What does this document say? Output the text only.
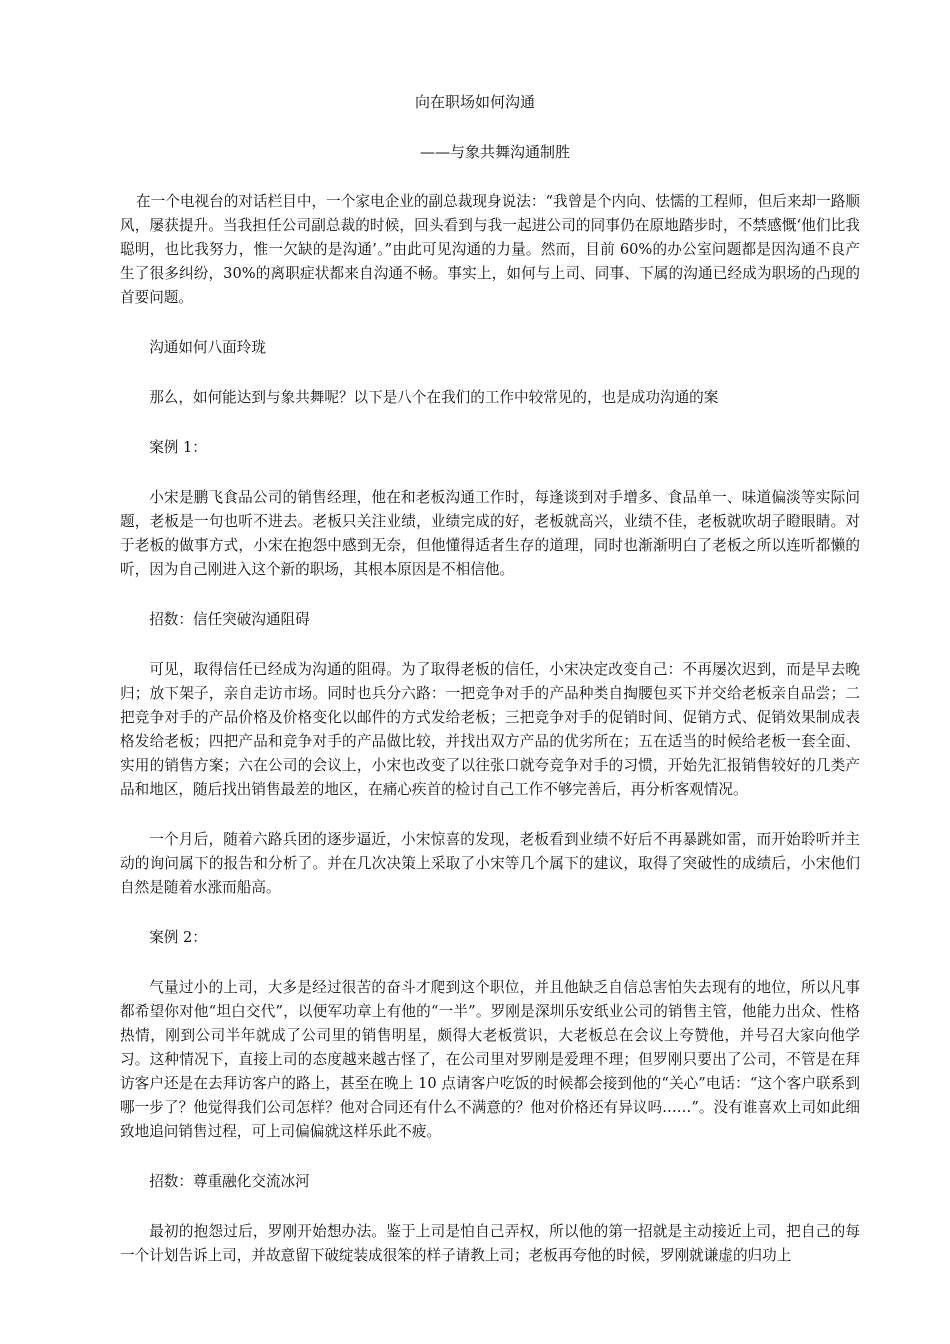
向在职场如何沟通
——与象共舞沟通制胜

在一个电视台的对话栏目中，一个家电企业的副总裁现身说法：“我曾是个内向、怯懦的工程师，但后来却一路顺风，屡获提升。当我担任公司副总裁的时候，回头看到与我一起进公司的同事仍在原地踏步时，不禁感慨‘他们比我聪明，也比我努力，惟一欠缺的是沟通’。”由此可见沟通的力量。然而，目前 60%的办公室问题都是因沟通不良产生了很多纠纷，30%的离职症状都来自沟通不畅。事实上，如何与上司、同事、下属的沟通已经成为职场的凸现的首要问题。

沟通如何八面玲珑

那么，如何能达到与象共舞呢？以下是八个在我们的工作中较常见的，也是成功沟通的案

案例 1：

小宋是鹏飞食品公司的销售经理，他在和老板沟通工作时，每逢谈到对手增多、食品单一、味道偏淡等实际问题，老板是一句也听不进去。老板只关注业绩，业绩完成的好，老板就高兴，业绩不佳，老板就吹胡子瞪眼睛。对于老板的做事方式，小宋在抱怨中感到无奈，但他懂得适者生存的道理，同时也渐渐明白了老板之所以连听都懒的听，因为自己刚进入这个新的职场，其根本原因是不相信他。

招数：信任突破沟通阻碍

可见，取得信任已经成为沟通的阻碍。为了取得老板的信任，小宋决定改变自己：不再屡次迟到，而是早去晚归；放下架子，亲自走访市场。同时也兵分六路：一把竞争对手的产品种类自掏腰包买下并交给老板亲自品尝；二把竞争对手的产品价格及价格变化以邮件的方式发给老板；三把竞争对手的促销时间、促销方式、促销效果制成表格发给老板；四把产品和竞争对手的产品做比较，并找出双方产品的优劣所在；五在适当的时候给老板一套全面、实用的销售方案；六在公司的会议上，小宋也改变了以往张口就夸竞争对手的习惯，开始先汇报销售较好的几类产品和地区，随后找出销售最差的地区，在痛心疾首的检讨自己工作不够完善后，再分析客观情况。

一个月后，随着六路兵团的逐步逼近，小宋惊喜的发现，老板看到业绩不好后不再暴跳如雷，而开始聆听并主动的询问属下的报告和分析了。并在几次决策上采取了小宋等几个属下的建议，取得了突破性的成绩后，小宋他们自然是随着水涨而船高。

案例 2：

气量过小的上司，大多是经过很苦的奋斗才爬到这个职位，并且他缺乏自信总害怕失去现有的地位，所以凡事都希望你对他“坦白交代”，以便军功章上有他的“一半”。罗刚是深圳乐安纸业公司的销售主管，他能力出众、性格热情，刚到公司半年就成了公司里的销售明星，颇得大老板赏识，大老板总在会议上夸赞他，并号召大家向他学习。这种情况下，直接上司的态度越来越古怪了，在公司里对罗刚是爱理不理；但罗刚只要出了公司，不管是在拜访客户还是在去拜访客户的路上，甚至在晚上 10 点请客户吃饭的时候都会接到他的“关心”电话：“这个客户联系到哪一步了？他觉得我们公司怎样？他对合同还有什么不满意的？他对价格还有异议吗……”。没有谁喜欢上司如此细致地追问销售过程，可上司偏偏就这样乐此不疲。

招数：尊重融化交流冰河

最初的抱怨过后，罗刚开始想办法。鉴于上司是怕自己弄权，所以他的第一招就是主动接近上司，把自己的每一个计划告诉上司，并故意留下破绽装成很笨的样子请教上司；老板再夸他的时候，罗刚就谦虚的归功上
